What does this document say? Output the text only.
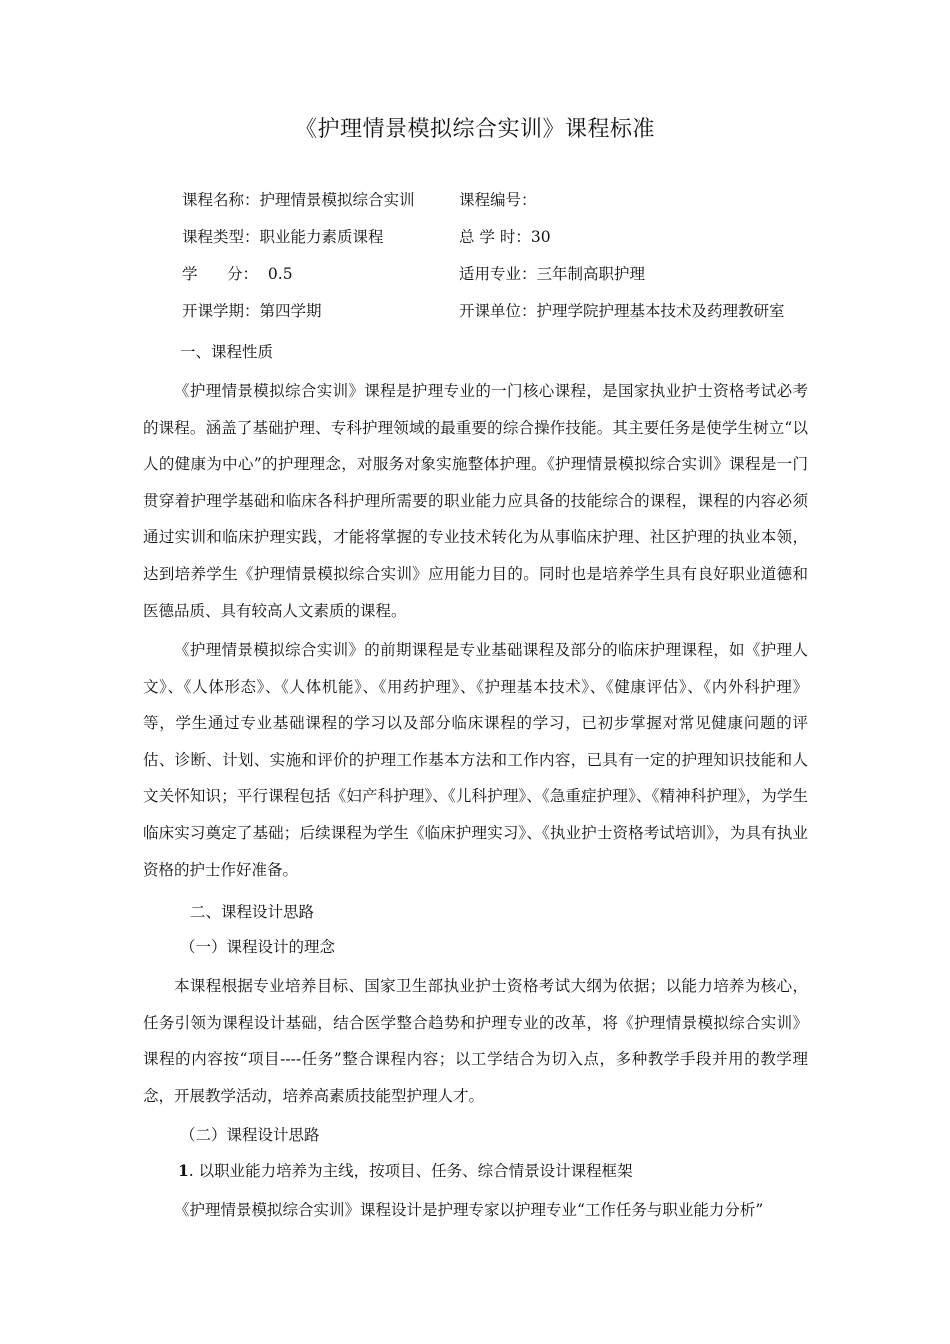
《护理情景模拟综合实训》课程标准
课程名称：护理情景模拟综合实训	课程编号：
课程类型：职业能力素质课程	总 学 时：30
学      分：  0.5	适用专业：三年制高职护理
开课学期：第四学期	开课单位：护理学院护理基本技术及药理教研室
一、课程性质
《护理情景模拟综合实训》课程是护理专业的一门核心课程，是国家执业护士资格考试必考的课程。涵盖了基础护理、专科护理领域的最重要的综合操作技能。其主要任务是使学生树立“以人的健康为中心”的护理理念，对服务对象实施整体护理。《护理情景模拟综合实训》课程是一门贯穿着护理学基础和临床各科护理所需要的职业能力应具备的技能综合的课程，课程的内容必须通过实训和临床护理实践，才能将掌握的专业技术转化为从事临床护理、社区护理的执业本领，达到培养学生《护理情景模拟综合实训》应用能力目的。同时也是培养学生具有良好职业道德和医德品质、具有较高人文素质的课程。
《护理情景模拟综合实训》的前期课程是专业基础课程及部分的临床护理课程，如《护理人文》、《人体形态》、《人体机能》、《用药护理》、《护理基本技术》、《健康评估》、《内外科护理》等，学生通过专业基础课程的学习以及部分临床课程的学习，已初步掌握对常见健康问题的评估、诊断、计划、实施和评价的护理工作基本方法和工作内容，已具有一定的护理知识技能和人文关怀知识；平行课程包括《妇产科护理》、《儿科护理》、《急重症护理》、《精神科护理》，为学生临床实习奠定了基础；后续课程为学生《临床护理实习》、《执业护士资格考试培训》，为具有执业资格的护士作好准备。
二、课程设计思路
（一）课程设计的理念
本课程根据专业培养目标、国家卫生部执业护士资格考试大纲为依据；以能力培养为核心，任务引领为课程设计基础，结合医学整合趋势和护理专业的改革，将《护理情景模拟综合实训》课程的内容按“项目----任务”整合课程内容；以工学结合为切入点，多种教学手段并用的教学理念，开展教学活动，培养高素质技能型护理人才。
（二）课程设计思路
1. 以职业能力培养为主线，按项目、任务、综合情景设计课程框架
《护理情景模拟综合实训》课程设计是护理专家以护理专业“工作任务与职业能力分析”
